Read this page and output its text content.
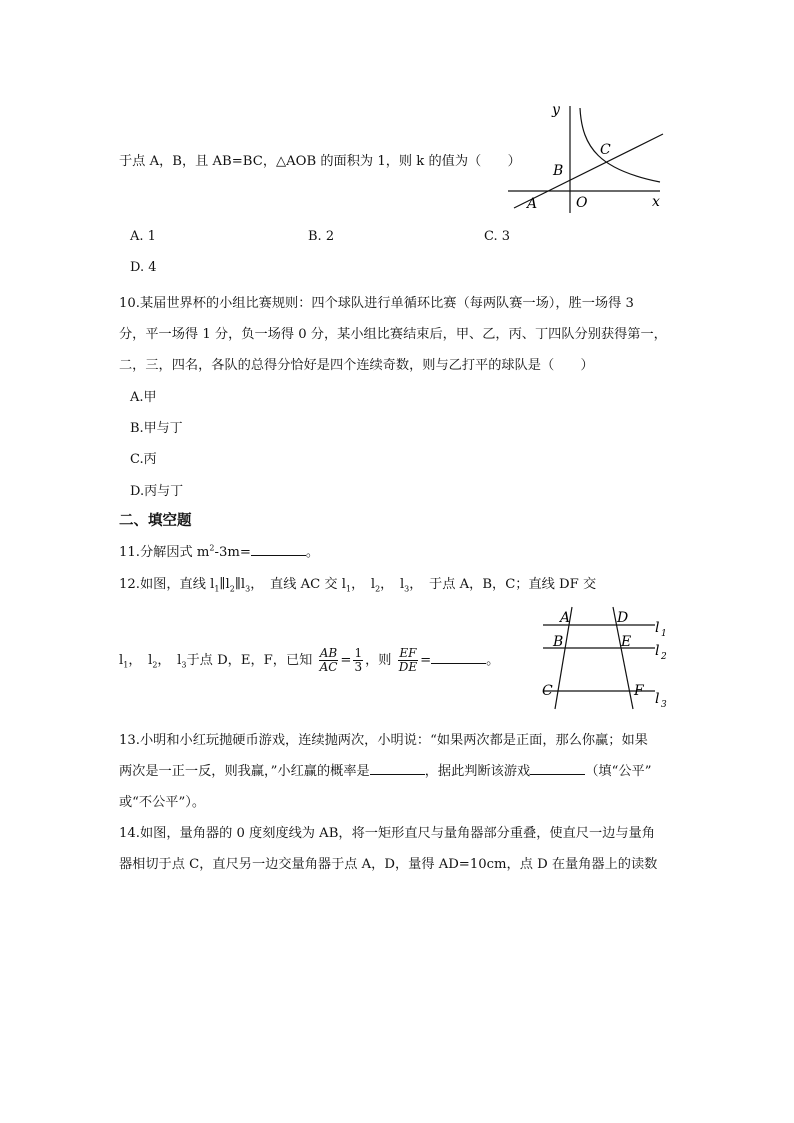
于点 A，B，且 AB=BC，△AOB 的面积为 1，则 k 的值为（　　）
y
x
O
A
B
C
A. 1	B. 2	C. 3
D. 4
10.某届世界杯的小组比赛规则：四个球队进行单循环比赛（每两队赛一场），胜一场得 3
分，平一场得 1 分，负一场得 0 分，某小组比赛结束后，甲、乙，丙、丁四队分别获得第一，
二，三，四名，各队的总得分恰好是四个连续奇数，则与乙打平的球队是（　　）
A.甲
B.甲与丁
C.丙
D.丙与丁
二、填空题
11.分解因式 $m^2-3m=$	。
12.如图，直线 $l_1\parallel l_2\parallel l_3$，　直线 AC 交 $l_1$，　$l_2$，　$l_3$，　于点 A，B，C；直线 DF 交
$l_1$，　$l_2$，　$l_3$于点 D，E，F，已知 $\frac{AB}{AC} = \frac{1}{3}$ ，则 $\frac{EF}{DE}$ =	。
A	D
B	E
C	F
l 1
l 2
l 3
13.小明和小红玩抛硬币游戏，连续抛两次，小明说：“如果两次都是正面，那么你赢；如果
两次是一正一反，则我赢，”小红赢的概率是	，据此判断该游戏	（填“公平”
或“不公平”）。
14.如图，量角器的 0 度刻度线为 AB，将一矩形直尺与量角器部分重叠，使直尺一边与量角
器相切于点 C，直尺另一边交量角器于点 A，D，量得 AD=10cm，点 D 在量角器上的读数
